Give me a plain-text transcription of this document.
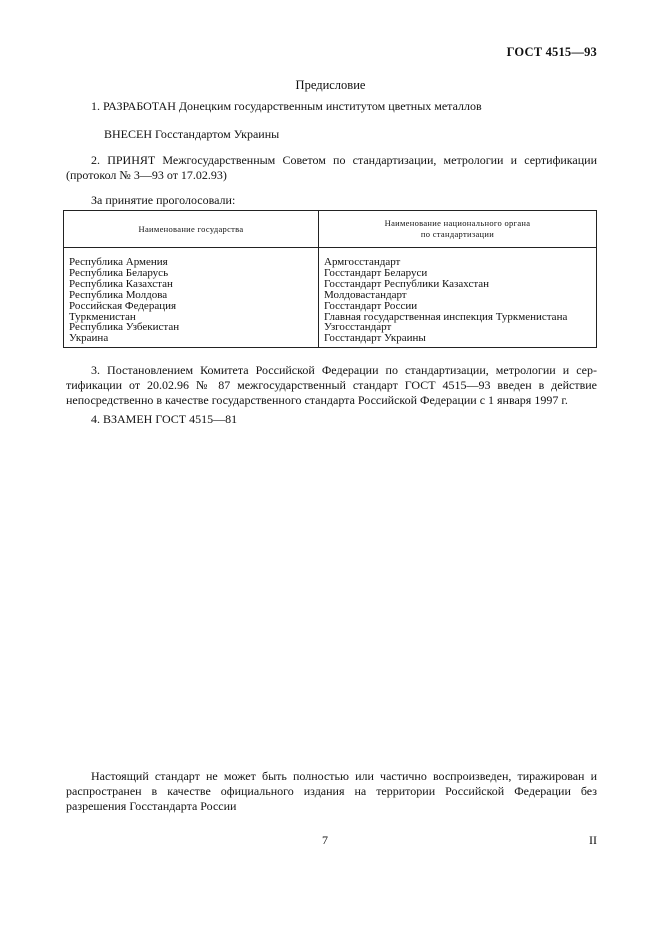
ГОСТ 4515—93
Предисловие
1. РАЗРАБОТАН Донецким государственным институтом цветных металлов
ВНЕСЕН Госстандартом Украины
2. ПРИНЯТ Межгосударственным Советом по стандартизации, метрологии и сертификации
(протокол № 3—93 от 17.02.93)
За принятие проголосовали:
Наименование государства	Наименование национального органа
по стандартизации
Республика Армения	Армгосстандарт
Республика Беларусь	Госстандарт Беларуси
Республика Казахстан	Госстандарт Республики Казахстан
Республика Молдова	Молдовастандарт
Российская Федерация	Госстандарт России
Туркменистан	Главная государственная инспекция Туркменистана
Республика Узбекистан	Узгосстандарт
Украина	Госстандарт Украины
3. Постановлением Комитета Российской Федерации по стандартизации, метрологии и сер-
тификации от 20.02.96 № 87 межгосударственный стандарт ГОСТ 4515—93 введен в действие
непосредственно в качестве государственного стандарта Российской Федерации с 1 января 1997 г.
4. ВЗАМЕН ГОСТ 4515—81
Настоящий стандарт не может быть полностью или частично воспроизведен, тиражирован и
распространен в качестве официального издания на территории Российской Федерации без
разрешения Госстандарта России
7	II
